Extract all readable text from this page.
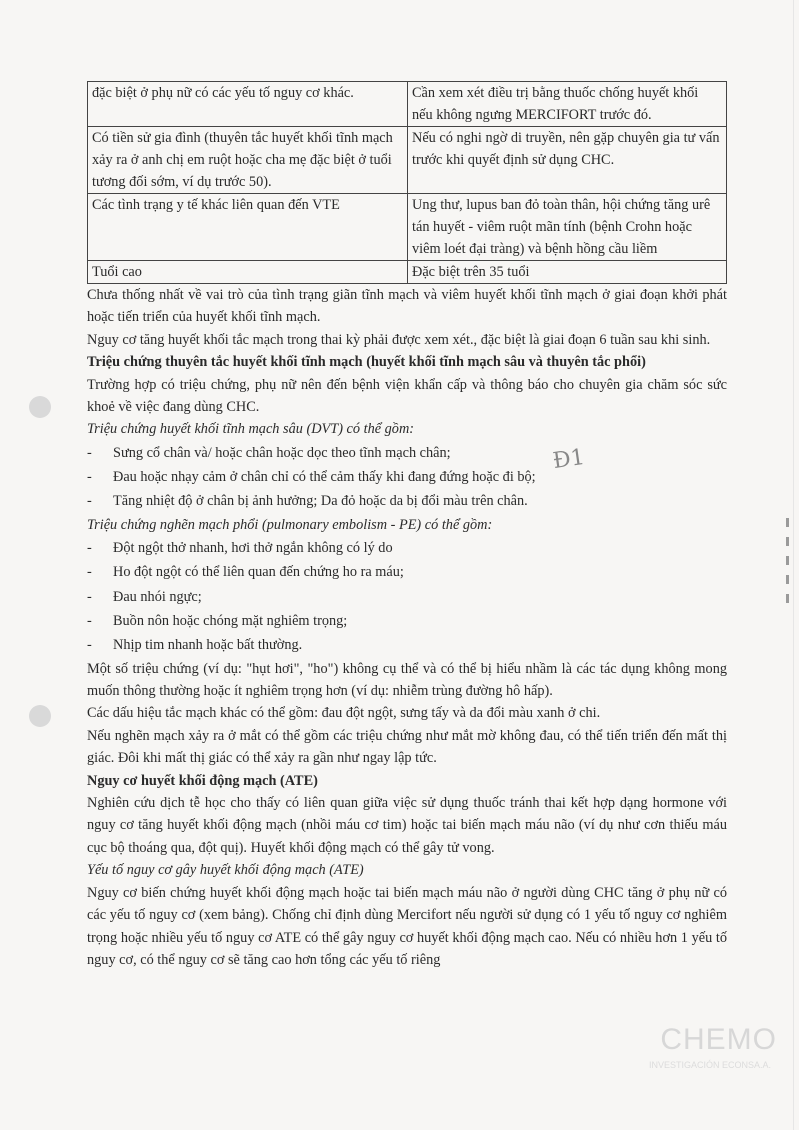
Đ1
đặc biệt ở phụ nữ có các yếu tố nguy cơ khác.	Cần xem xét điều trị bằng thuốc chống huyết khối nếu không ngưng MERCIFORT trước đó.
Có tiền sử gia đình (thuyên tắc huyết khối tĩnh mạch xảy ra ở anh chị em ruột hoặc cha mẹ đặc biệt ở tuổi tương đối sớm, ví dụ trước 50).	Nếu có nghi ngờ di truyền, nên gặp chuyên gia tư vấn trước khi quyết định sử dụng CHC.
Các tình trạng y tế khác liên quan đến VTE	Ung thư, lupus ban đỏ toàn thân, hội chứng tăng urê tán huyết - viêm ruột mãn tính (bệnh Crohn hoặc viêm loét đại tràng) và bệnh hồng cầu liềm
Tuổi cao	Đặc biệt trên 35 tuổi

Chưa thống nhất về vai trò của tình trạng giãn tĩnh mạch và viêm huyết khối tĩnh mạch ở giai đoạn khởi phát hoặc tiến triển của huyết khối tĩnh mạch.

Nguy cơ tăng huyết khối tắc mạch trong thai kỳ phải được xem xét., đặc biệt là giai đoạn 6 tuần sau khi sinh.

Triệu chứng thuyên tắc huyết khối tĩnh mạch (huyết khối tĩnh mạch sâu và thuyên tắc phổi)

Trường hợp có triệu chứng, phụ nữ nên đến bệnh viện khẩn cấp và thông báo cho chuyên gia chăm sóc sức khoẻ về việc đang dùng CHC.

Triệu chứng huyết khối tĩnh mạch sâu (DVT) có thể gồm:

- Sưng cổ chân và/ hoặc chân hoặc dọc theo tĩnh mạch chân;
- Đau hoặc nhạy cảm ở chân chỉ có thể cảm thấy khi đang đứng hoặc đi bộ;
- Tăng nhiệt độ ở chân bị ảnh hưởng; Da đỏ hoặc da bị đổi màu trên chân.

Triệu chứng nghẽn mạch phổi (pulmonary embolism - PE) có thể gồm:

- Đột ngột thở nhanh, hơi thở ngắn không có lý do
- Ho đột ngột có thể liên quan đến chứng ho ra máu;
- Đau nhói ngực;
- Buồn nôn hoặc chóng mặt nghiêm trọng;
- Nhịp tim nhanh hoặc bất thường.

Một số triệu chứng (ví dụ: "hụt hơi", "ho") không cụ thể và có thể bị hiểu nhầm là các tác dụng không mong muốn thông thường hoặc ít nghiêm trọng hơn (ví dụ: nhiễm trùng đường hô hấp).

Các dấu hiệu tắc mạch khác có thể gồm: đau đột ngột, sưng tấy và da đổi màu xanh ở chi.

Nếu nghẽn mạch xảy ra ở mắt có thể gồm các triệu chứng như mắt mờ không đau, có thể tiến triển đến mất thị giác. Đôi khi mất thị giác có thể xảy ra gần như ngay lập tức.

Nguy cơ huyết khối động mạch (ATE)

Nghiên cứu dịch tễ học cho thấy có liên quan giữa việc sử dụng thuốc tránh thai kết hợp dạng hormone với nguy cơ tăng huyết khối động mạch (nhồi máu cơ tim) hoặc tai biến mạch máu não (ví dụ như cơn thiếu máu cục bộ thoáng qua, đột quị). Huyết khối động mạch có thể gây tử vong.

Yếu tố nguy cơ gây huyết khối động mạch (ATE)

Nguy cơ biến chứng huyết khối động mạch hoặc tai biến mạch máu não ở người dùng CHC tăng ở phụ nữ có các yếu tố nguy cơ (xem bảng). Chống chỉ định dùng Mercifort nếu người sử dụng có 1 yếu tố nguy cơ nghiêm trọng hoặc nhiều yếu tố nguy cơ ATE có thể gây nguy cơ huyết khối động mạch cao. Nếu có nhiều hơn 1 yếu tố nguy cơ, có thể nguy cơ sẽ tăng cao hơn tổng các yếu tố riêng

CHEMO
INVESTIGACIÓN ECONSA.A.
